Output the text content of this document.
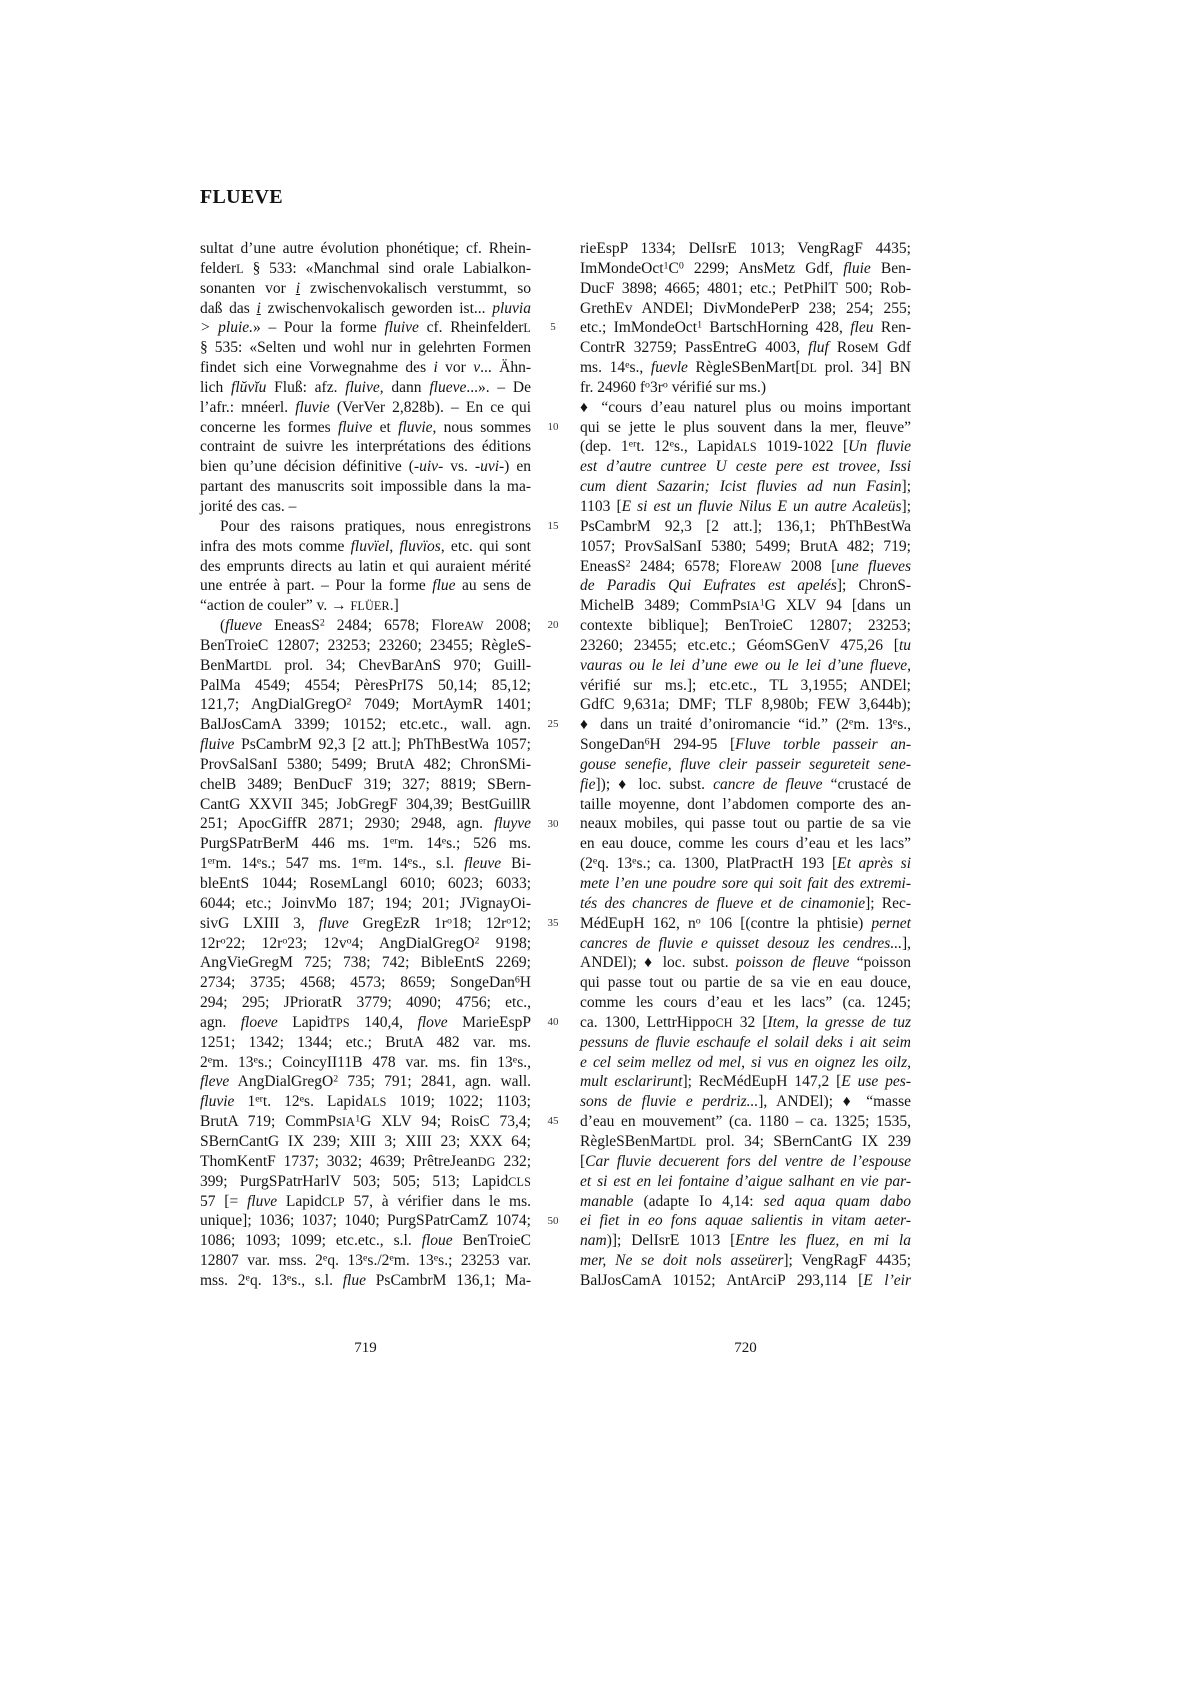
FLUEVE
sultat d’une autre évolution phonétique; cf. Rhein-
felderL § 533: «Manchmal sind orale Labialkon-
sonanten vor i zwischenvokalisch verstummt, so
daß das i zwischenvokalisch geworden ist... pluvia
> pluie.» – Pour la forme fluive cf. RheinfelderL
§ 535: «Selten und wohl nur in gelehrten Formen
findet sich eine Vorwegnahme des i vor v... Ähn-
lich flŭvĭu Fluß: afz. fluive, dann flueve...». – De
l’afr.: mnéerl. fluvie (VerVer 2,828b). – En ce qui
concerne les formes fluive et fluvie, nous sommes
contraint de suivre les interprétations des éditions
bien qu’une décision définitive (-uiv- vs. -uvi-) en
partant des manuscrits soit impossible dans la ma-
jorité des cas. –
Pour des raisons pratiques, nous enregistrons
infra des mots comme fluvïel, fluvïos, etc. qui sont
des emprunts directs au latin et qui auraient mérité
une entrée à part. – Pour la forme flue au sens de
“action de couler” v. → FLÜER.]
(flueve EneasS$^2$ 2484; 6578; FloreAW 2008;
BenTroieC 12807; 23253; 23260; 23455; RègleS-
BenMartDL prol. 34; ChevBarAnS 970; Guill-
PalMa 4549; 4554; PèresPrI7S 50,14; 85,12;
121,7; AngDialGregO$^2$ 7049; MortAymR 1401;
BalJosCamA 3399; 10152; etc.etc., wall. agn.
fluive PsCambrM 92,3 [2 att.]; PhThBestWa 1057;
ProvSalSanI 5380; 5499; BrutA 482; ChronSMi-
chelB 3489; BenDucF 319; 327; 8819; SBern-
CantG XXVII 345; JobGregF 304,39; BestGuillR
251; ApocGiffR 2871; 2930; 2948, agn. fluyve
PurgSPatrBerM 446 ms. 1erm. 14es.; 526 ms.
1erm. 14es.; 547 ms. 1erm. 14es., s.l. fleuve Bi-
bleEntS 1044; RoseMLangl 6010; 6023; 6033;
6044; etc.; JoinvMo 187; 194; 201; JVignayOi-
sivG LXIII 3, fluve GregEzR $1r^o18$; $12r^o12$;
$12r^o22$; $12r^o23$; $12v^o4$; AngDialGregO$^2$ 9198;
AngVieGregM 725; 738; 742; BibleEntS 2269;
2734; 3735; 4568; 4573; 8659; SongeDan$^6$H
294; 295; JPrioratR 3779; 4090; 4756; etc.,
agn. floeve LapidTPS 140,4, flove MarieEspP
1251; 1342; 1344; etc.; BrutA 482 var. ms.
2em. 13es.; CoincyII11B 478 var. ms. fin 13es.,
fleve AngDialGregO$^2$ 735; 791; 2841, agn. wall.
fluvie 1ert. 12es. LapidALS 1019; 1022; 1103;
BrutA 719; CommPsIA$^1$G XLV 94; RoisC 73,4;
SBernCantG IX 239; XIII 3; XIII 23; XXX 64;
ThomKentF 1737; 3032; 4639; PrêtreJeanDG 232;
399; PurgSPatrHarlV 503; 505; 513; LapidCLS
57 [= fluve LapidCLP 57, à vérifier dans le ms.
unique]; 1036; 1037; 1040; PurgSPatrCamZ 1074;
1086; 1093; 1099; etc.etc., s.l. floue BenTroieC
12807 var. mss. 2eq. 13es./2em. 13es.; 23253 var.
mss. 2eq. 13es., s.l. flue PsCambrM 136,1; Ma-
5
10
15
20
25
30
35
40
45
50
rieEspP 1334; DelIsrE 1013; VengRagF 4435;
$ImMondeOct^1C^0$ 2299; AnsMetz Gdf, fluie Ben-
DucF 3898; 4665; 4801; etc.; PetPhilT 500; Rob-
GrethEv ANDEl; DivMondePerP 238; 254; 255;
etc.; ImMondeOct$^1$ BartschHorning 428, fleu Ren-
ContrR 32759; PassEntreG 4003, fluf RoseM Gdf
ms. 14es., fuevle RègleSBenMart[DL prol. 34] BN
fr. 24960 $f^o3r^o$ vérifié sur ms.)
♦ “cours d’eau naturel plus ou moins important
qui se jette le plus souvent dans la mer, fleuve”
(dep. 1ert. 12es., LapidALS 1019-1022 [Un fluvie
est d’autre cuntree U ceste pere est trovee, Issi
cum dient Sazarin; Icist fluvies ad nun Fasin];
1103 [E si est un fluvie Nilus E un autre Acaleüs];
PsCambrM 92,3 [2 att.]; 136,1; PhThBestWa
1057; ProvSalSanI 5380; 5499; BrutA 482; 719;
EneasS$^2$ 2484; 6578; FloreAW 2008 [une flueves
de Paradis Qui Eufrates est apelés]; ChronS-
MichelB 3489; CommPsIA$^1$G XLV 94 [dans un
contexte biblique]; BenTroieC 12807; 23253;
23260; 23455; etc.etc.; GéomSGenV 475,26 [tu
vauras ou le lei d’une ewe ou le lei d’une flueve,
vérifié sur ms.]; etc.etc., TL 3,1955; ANDEl;
GdfC 9,631a; DMF; TLF 8,980b; FEW 3,644b);
♦ dans un traité d’oniromancie “id.” (2em. 13es.,
SongeDan$^6$H 294-95 [Fluve torble passeir an-
gouse senefie, fluve cleir passeir segureteit sene-
fie]); ♦ loc. subst. cancre de fleuve “crustacé de
taille moyenne, dont l’abdomen comporte des an-
neaux mobiles, qui passe tout ou partie de sa vie
en eau douce, comme les cours d’eau et les lacs”
(2eq. 13es.; ca. 1300, PlatPractH 193 [Et après si
mete l’en une poudre sore qui soit fait des extremi-
tés des chancres de flueve et de cinamonie]; Rec-
MédEupH 162, $n^o$ 106 [(contre la phtisie) pernet
cancres de fluvie e quisset desouz les cendres...],
ANDEl); ♦ loc. subst. poisson de fleuve “poisson
qui passe tout ou partie de sa vie en eau douce,
comme les cours d’eau et les lacs” (ca. 1245;
ca. 1300, LettrHippoCH 32 [Item, la gresse de tuz
pessuns de fluvie eschaufe el solail deks i ait seim
e cel seim mellez od mel, si vus en oignez les oilz,
mult esclarirunt]; RecMédEupH 147,2 [E use pes-
sons de fluvie e perdriz...], ANDEl); ♦ “masse
d’eau en mouvement” (ca. 1180 – ca. 1325; 1535,
RègleSBenMartDL prol. 34; SBernCantG IX 239
[Car fluvie decuerent fors del ventre de l’espouse
et si est en lei fontaine d’aigue salhant en vie par-
manable (adapte Io 4,14: sed aqua quam dabo
ei fiet in eo fons aquae salientis in vitam aeter-
nam)]; DelIsrE 1013 [Entre les fluez, en mi la
mer, Ne se doit nols asseürer]; VengRagF 4435;
BalJosCamA 10152; AntArciP 293,114 [E l’eir
719	720
